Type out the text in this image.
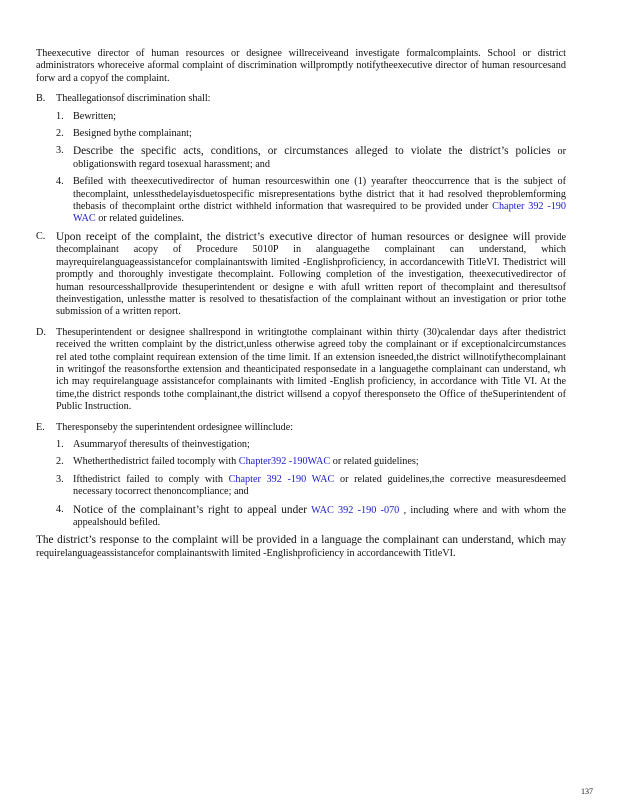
Theexecutive director of human resources or designee willreceiveand investigate formalcomplaints. School or district administrators whoreceive aformal complaint of discrimination willpromptly notifytheexecutive director of human resourcesand forw ard a copyof the complaint.

B. Theallegationsof discrimination shall:

1. Bewritten;

2. Besigned bythe complainant;

3. Describe the specific acts, conditions, or circumstances alleged to violate the district’s policies or obligationswith regard tosexual harassment; and

4. Befiled with theexecutivedirector of human resourceswithin one (1) yearafter theoccurrence that is the subject of thecomplaint, unlessthedelayisduetospecific misrepresentations bythe district that it had resolved theproblemforming thebasis of thecomplaint orthe district withheld information that wasrequired to be provided under Chapter 392 -190 WAC or related guidelines.

C. Upon receipt of the complaint, the district’s executive director of human resources or designee will provide thecomplainant acopy of Procedure 5010P in alanguagethe complainant can understand, which mayrequirelanguageassistancefor complainantswith limited -Englishproficiency, in accordancewith TitleVI. Thedistrict will promptly and thoroughly investigate thecomplaint. Following completion of the investigation, theexecutivedirector of human resourcesshallprovide thesuperintendent or designe e with afull written report of thecomplaint and theresultsof theinvestigation, unlessthe matter is resolved to thesatisfaction of the complainant without an investigation or prior tothe submission of a written report.

D. Thesuperintendent or designee shallrespond in writingtothe complainant within thirty (30)calendar days after thedistrict received the written complaint by the district,unless otherwise agreed toby the complainant or if exceptionalcircumstances rel ated tothe complaint requirean extension of the time limit. If an extension isneeded,the district willnotifythecomplainant in writingof the reasonsforthe extension and theanticipated responsedate in a languagethe complainant can understand, wh ich may requirelanguage assistancefor complainants with limited -English proficiency, in accordance with Title VI. At the time,the district responds tothe complainant,the district willsend a copyof theresponseto the Office of theSuperintendent of Public Instruction.

E. Theresponseby the superintendent ordesignee willinclude:

1. Asummaryof theresults of theinvestigation;

2. Whetherthedistrict failed tocomply with Chapter392 -190WAC or related guidelines;

3. Ifthedistrict failed to comply with Chapter 392 -190 WAC or related guidelines,the corrective measuresdeemed necessary tocorrect thenoncompliance; and

4. Notice of the complainant’s right to appeal under WAC 392 -190 -070 , including where and with whom the appealshould befiled.

The district’s response to the complaint will be provided in a language the complainant can understand, which may requirelanguageassistancefor complainantswith limited -Englishproficiency in accordancewith TitleVI.

137
